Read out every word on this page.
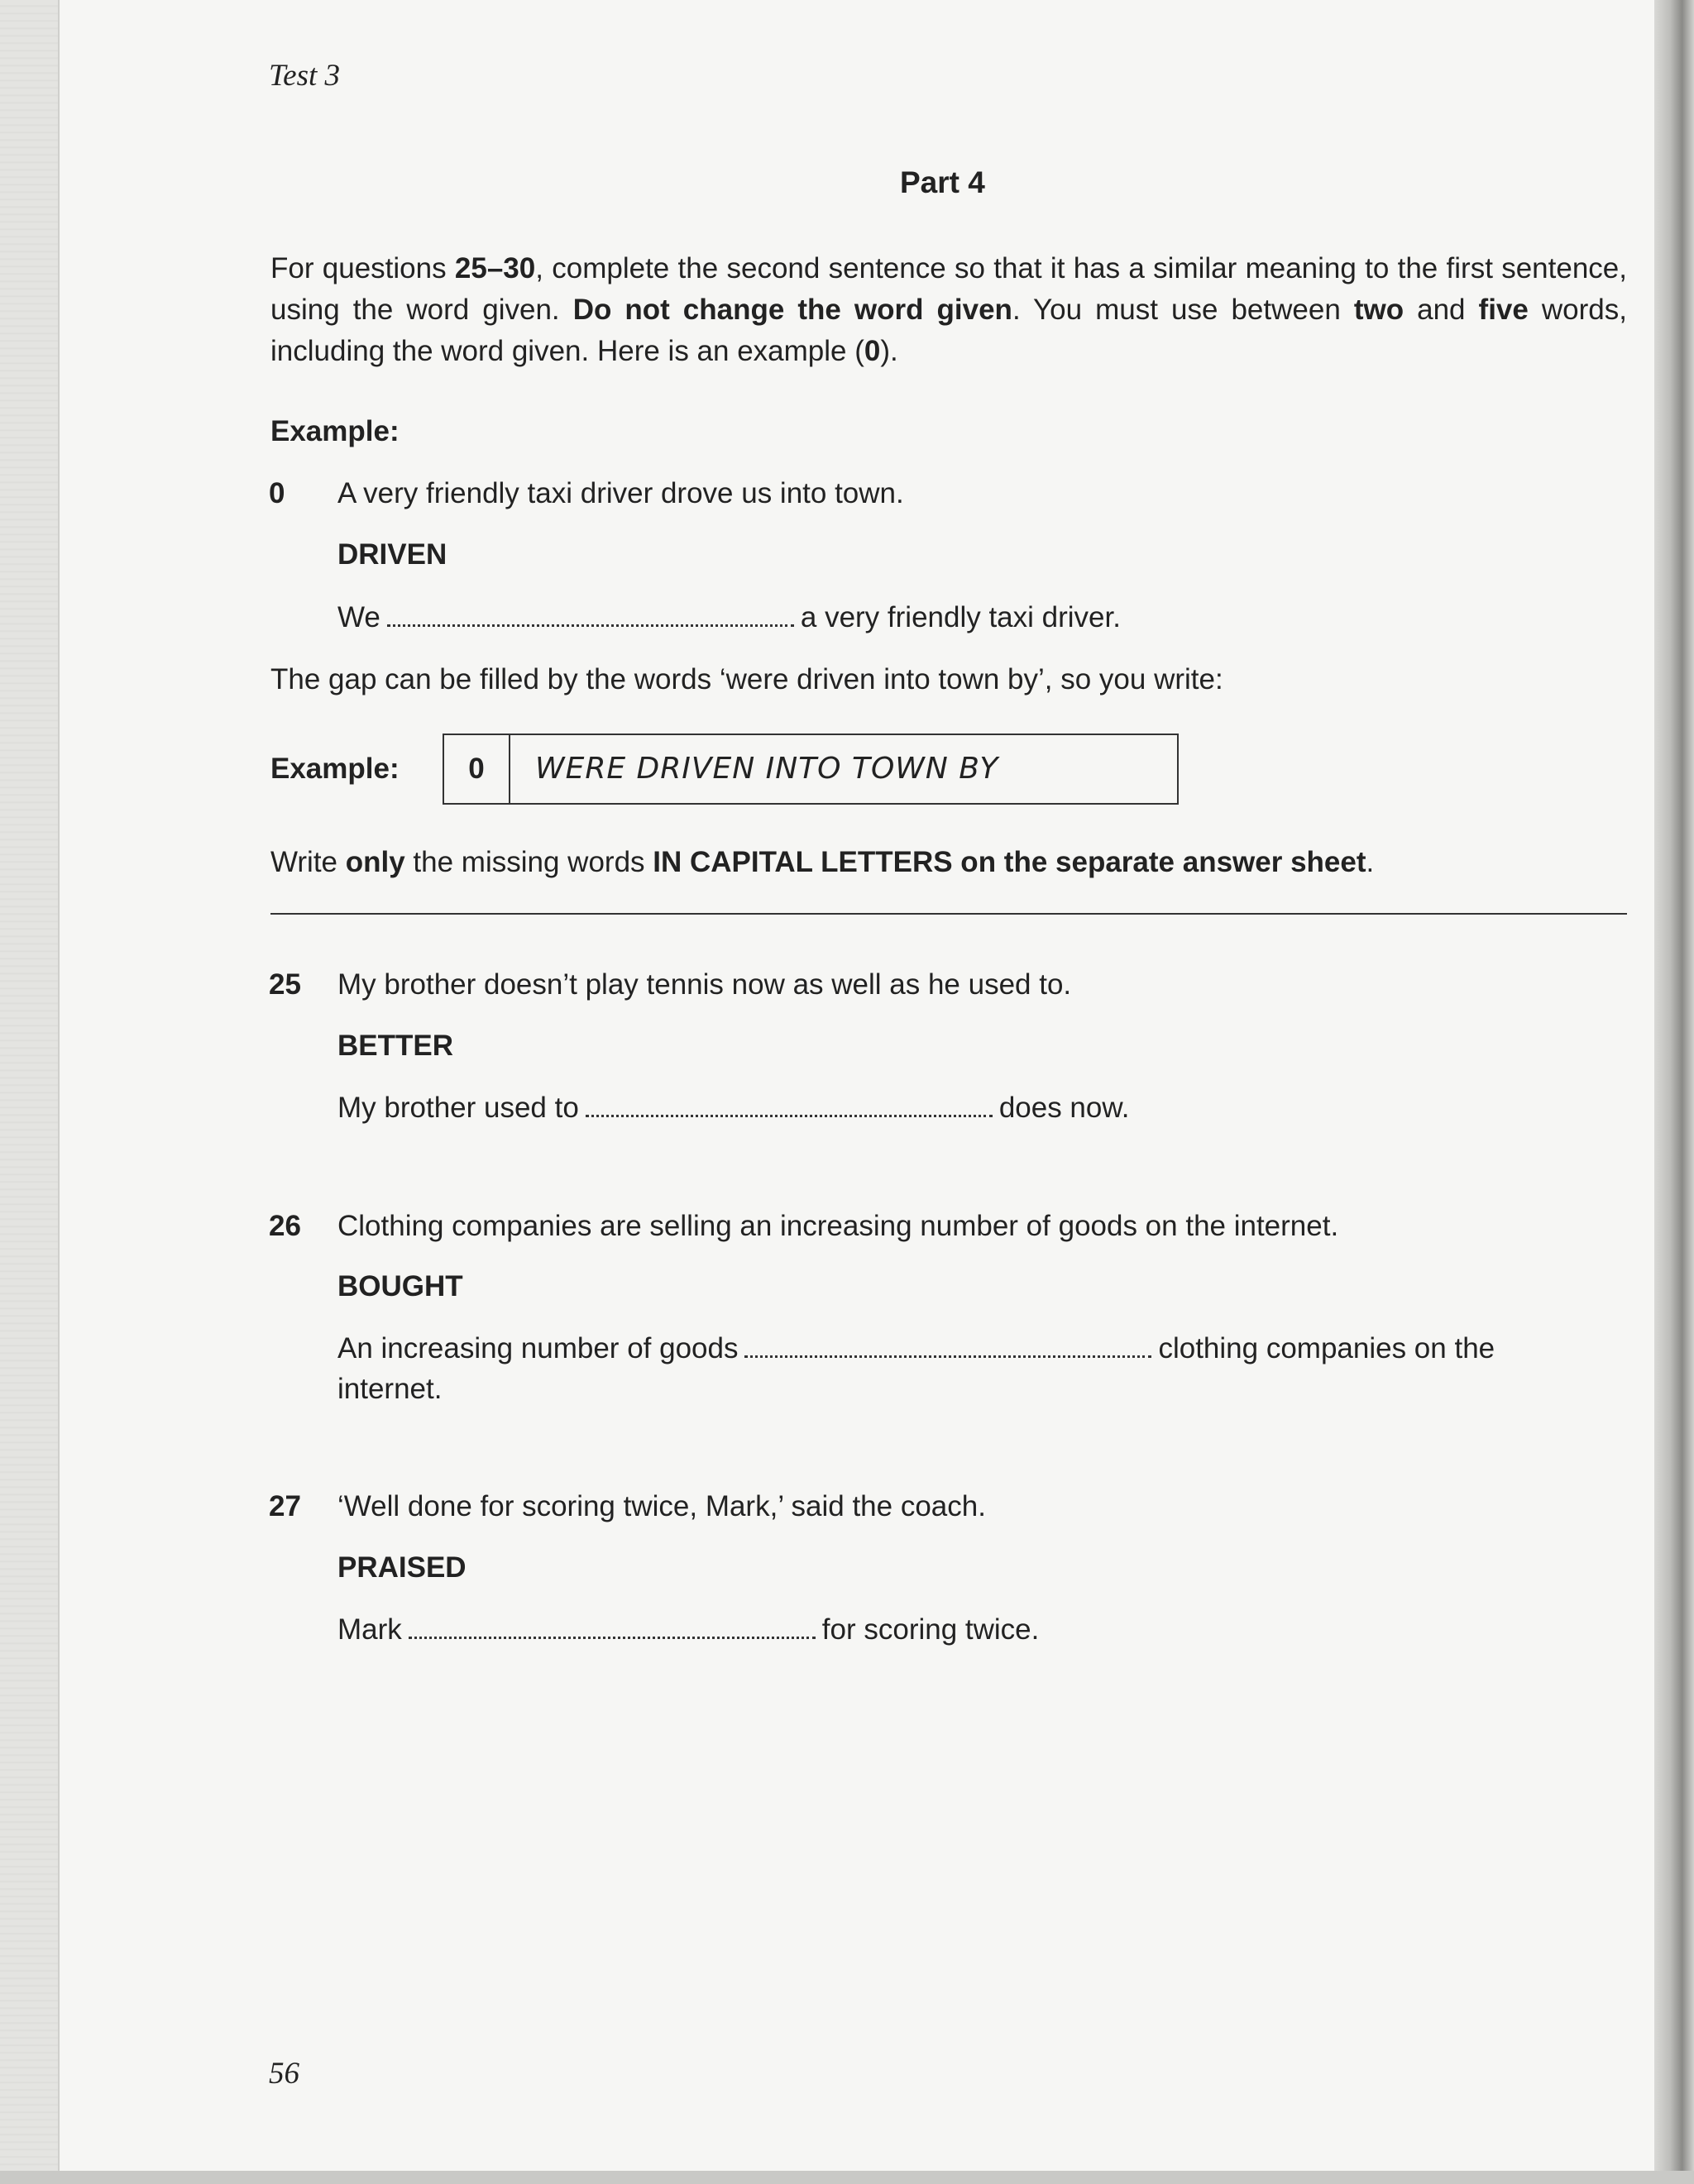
Test 3
Part 4
For questions 25–30, complete the second sentence so that it has a similar meaning to the first sentence, using the word given. Do not change the word given. You must use between two and five words, including the word given. Here is an example (0).
Example:
0 A very friendly taxi driver drove us into town.
DRIVEN
We	a very friendly taxi driver.
The gap can be filled by the words ‘were driven into town by’, so you write:
Example:	0	WERE DRIVEN INTO TOWN BY
Write only the missing words IN CAPITAL LETTERS on the separate answer sheet.
25 My brother doesn’t play tennis now as well as he used to.
BETTER
My brother used to	does now.
26 Clothing companies are selling an increasing number of goods on the internet.
BOUGHT
An increasing number of goods	clothing companies on the
internet.
27 ‘Well done for scoring twice, Mark,’ said the coach.
PRAISED
Mark	for scoring twice.
56
